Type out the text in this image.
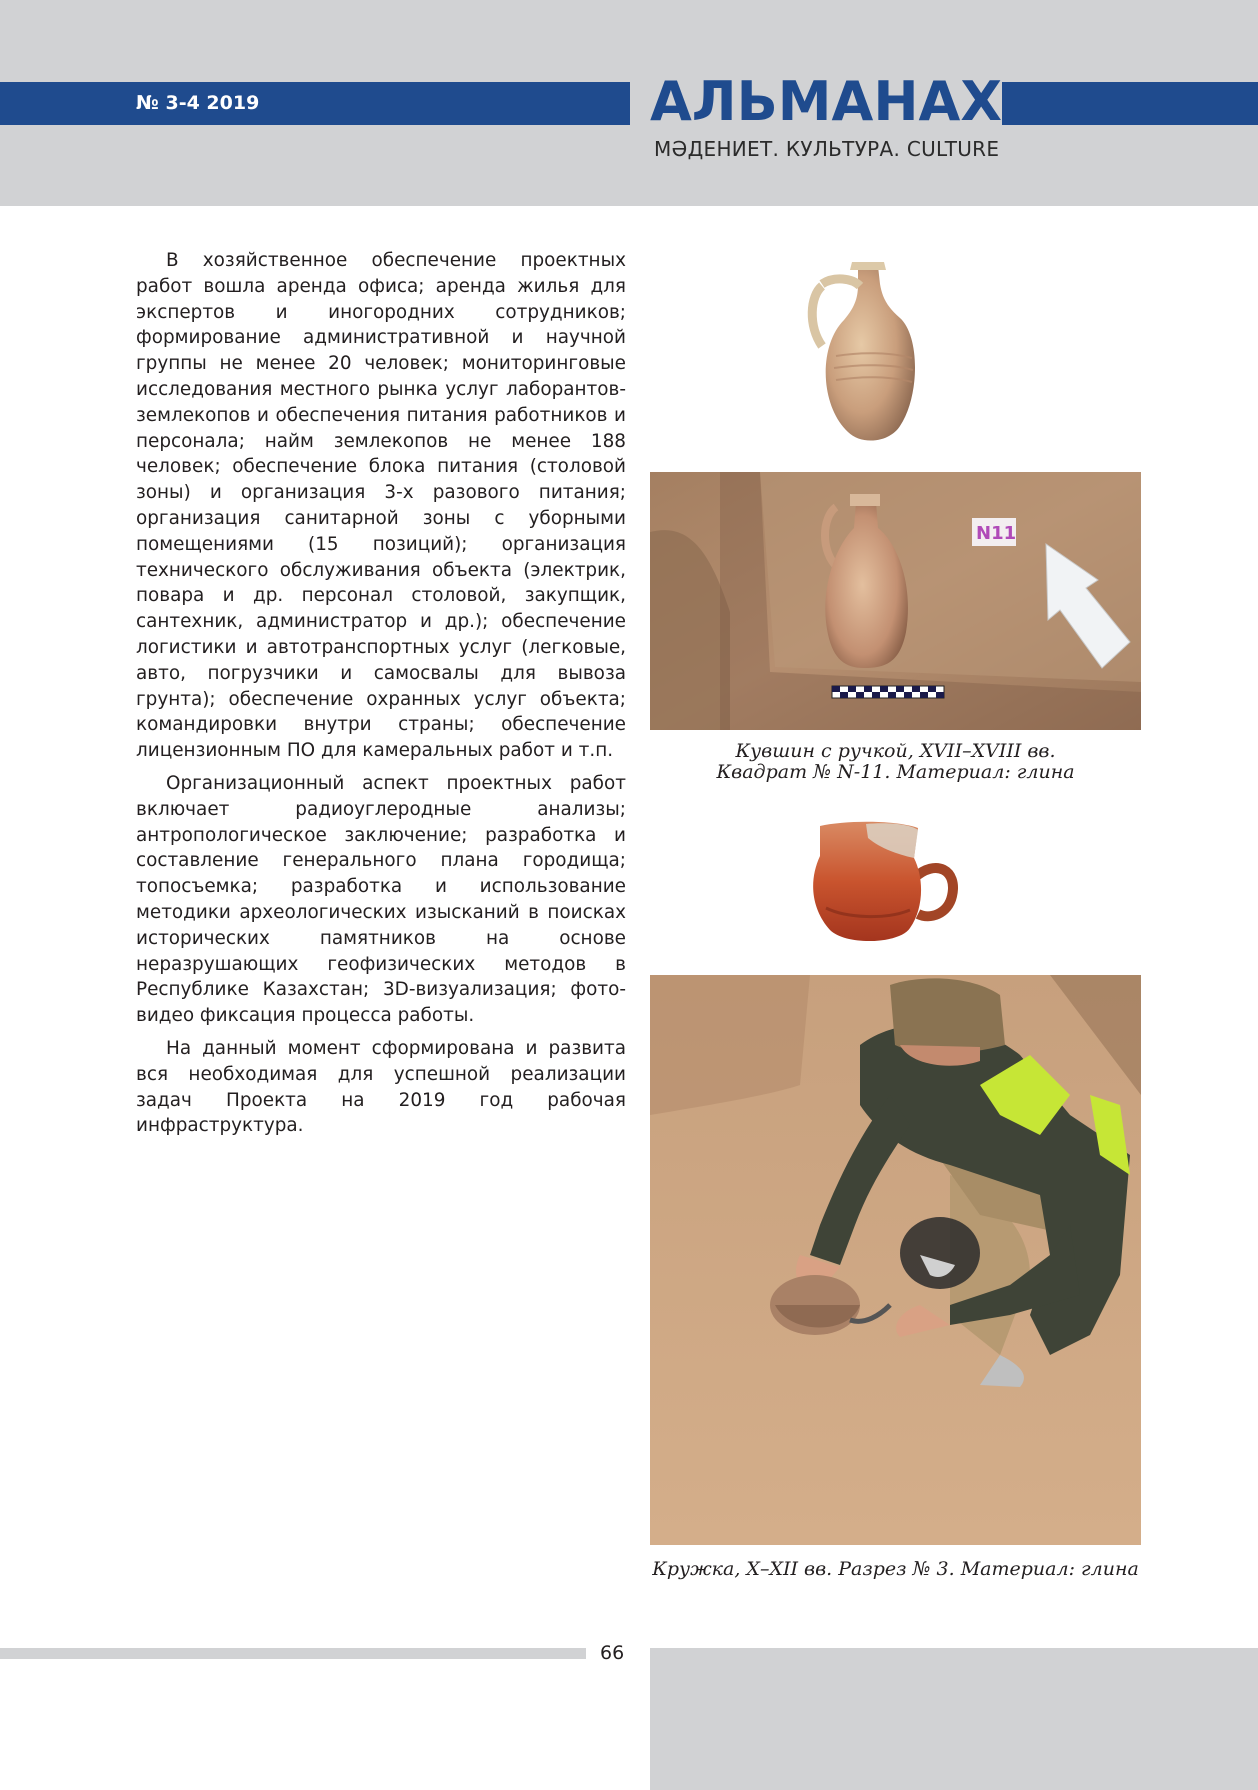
№ 3-4 2019	АЛЬМАНАХ
МӘДЕНИЕТ. КУЛЬТУРА. CULTURE

В хозяйственное обеспечение проектных работ вошла аренда офиса; аренда жилья для экспертов и иногородних сотрудников; формирование административной и научной группы не менее 20 человек; мониторинговые исследования местного рынка услуг лаборантов-землекопов и обеспечения питания работников и персонала; найм землекопов не менее 188 человек; обеспечение блока питания (столовой зоны) и организация 3-х разового питания; организация санитарной зоны с уборными помещениями (15 позиций); организация технического обслуживания объекта (электрик, повара и др. персонал столовой, закупщик, сантехник, администратор и др.); обеспечение логистики и автотранспортных услуг (легковые, авто, погрузчики и самосвалы для вывоза грунта); обеспечение охранных услуг объекта; командировки внутри страны; обеспечение лицензионным ПО для камеральных работ и т.п.

Организационный аспект проектных работ включает радиоуглеродные анализы; антропологическое заключение; разработка и составление генерального плана городища; топосъемка; разработка и использование методики археологических изысканий в поисках исторических памятников на основе неразрушающих геофизических методов в Республике Казахстан; 3D-визуализация; фото-видео фиксация процесса работы.

На данный момент сформирована и развита вся необходимая для успешной реализации задач Проекта на 2019 год рабочая инфраструктура.

N11
Кувшин с ручкой, XVII–XVIII вв.
Квадрат № N-11. Материал: глина
Кружка, X–XII вв. Разрез № 3. Материал: глина
66
